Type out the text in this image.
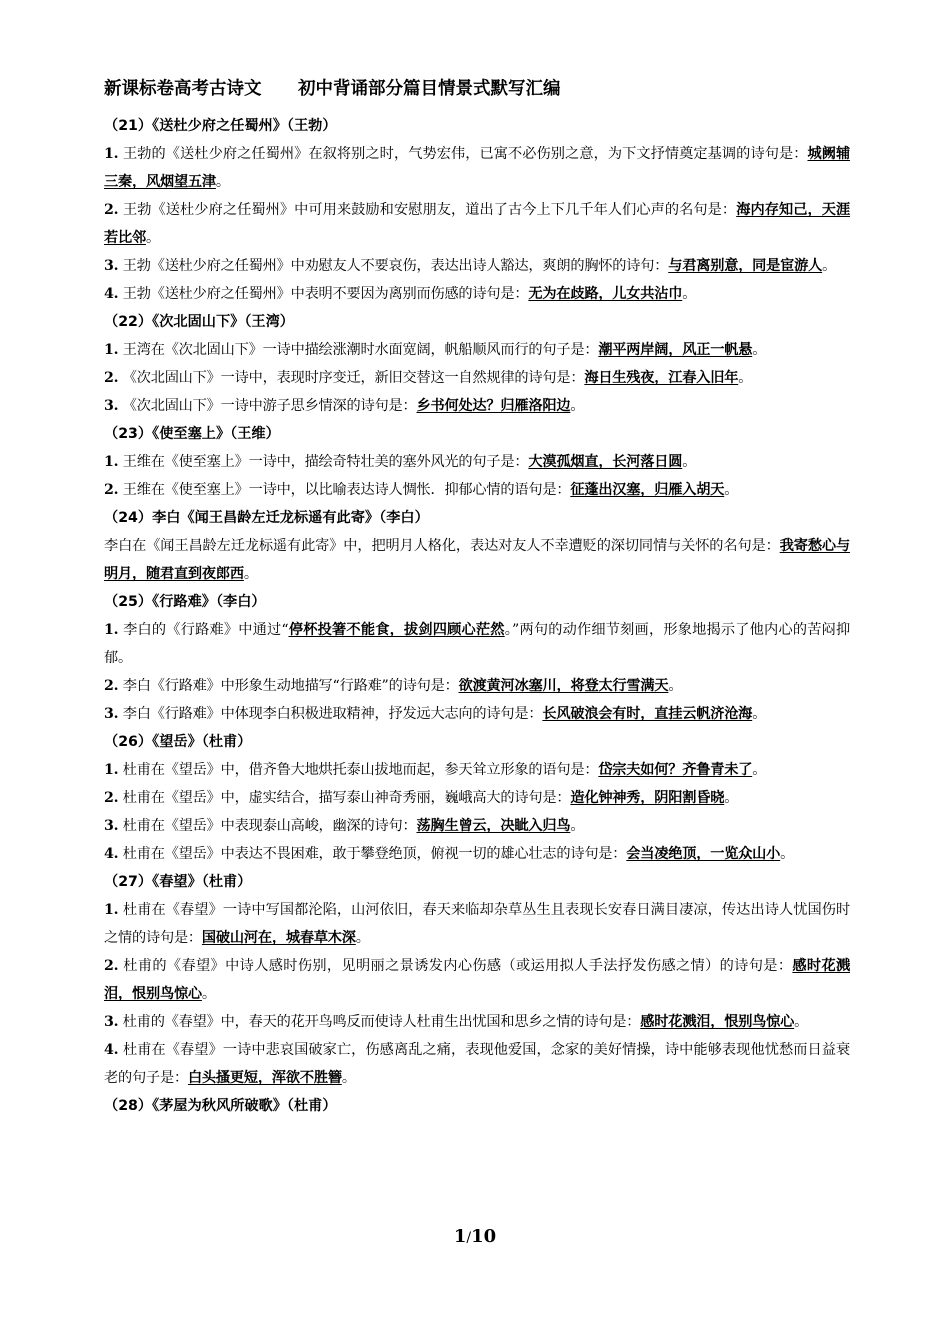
新课标卷高考古诗文      初中背诵部分篇目情景式默写汇编
（21）《送杜少府之任蜀州》（王勃）

1. 王勃的《送杜少府之任蜀州》在叙将别之时，气势宏伟，已寓不必伤别之意，为下文抒情奠定基调的诗句是：城阙辅三秦，风烟望五津。

2. 王勃《送杜少府之任蜀州》中可用来鼓励和安慰朋友，道出了古今上下几千年人们心声的名句是：海内存知己，天涯若比邻。

3. 王勃《送杜少府之任蜀州》中劝慰友人不要哀伤，表达出诗人豁达，爽朗的胸怀的诗句：与君离别意，同是宦游人。

4. 王勃《送杜少府之任蜀州》中表明不要因为离别而伤感的诗句是：无为在歧路，儿女共沾巾。

（22）《次北固山下》（王湾）

1. 王湾在《次北固山下》一诗中描绘涨潮时水面宽阔，帆船顺风而行的句子是：潮平两岸阔，风正一帆悬。

2. 《次北固山下》一诗中，表现时序变迁，新旧交替这一自然规律的诗句是：海日生残夜，江春入旧年。

3. 《次北固山下》一诗中游子思乡情深的诗句是：乡书何处达？归雁洛阳边。

（23）《使至塞上》（王维）

1. 王维在《使至塞上》一诗中，描绘奇特壮美的塞外风光的句子是：大漠孤烟直，长河落日圆。

2. 王维在《使至塞上》一诗中，以比喻表达诗人惆怅．抑郁心情的语句是：征蓬出汉塞，归雁入胡天。

（24）李白《闻王昌龄左迁龙标遥有此寄》（李白）

李白在《闻王昌龄左迁龙标遥有此寄》中，把明月人格化，表达对友人不幸遭贬的深切同情与关怀的名句是：我寄愁心与明月，随君直到夜郎西。

（25）《行路难》（李白）

1. 李白的《行路难》中通过“停杯投箸不能食，拔剑四顾心茫然。”两句的动作细节刻画，形象地揭示了他内心的苦闷抑郁。

2. 李白《行路难》中形象生动地描写“行路难”的诗句是：欲渡黄河冰塞川，将登太行雪满天。

3. 李白《行路难》中体现李白积极进取精神，抒发远大志向的诗句是：长风破浪会有时，直挂云帆济沧海。

（26）《望岳》（杜甫）

1. 杜甫在《望岳》中，借齐鲁大地烘托泰山拔地而起，参天耸立形象的语句是：岱宗夫如何？齐鲁青未了。

2. 杜甫在《望岳》中，虚实结合，描写泰山神奇秀丽，巍峨高大的诗句是：造化钟神秀，阴阳割昏晓。

3. 杜甫在《望岳》中表现泰山高峻，幽深的诗句：荡胸生曾云，决眦入归鸟。

4. 杜甫在《望岳》中表达不畏困难，敢于攀登绝顶，俯视一切的雄心壮志的诗句是：会当凌绝顶，一览众山小。

（27）《春望》（杜甫）

1. 杜甫在《春望》一诗中写国都沦陷，山河依旧，春天来临却杂草丛生且表现长安春日满目凄凉，传达出诗人忧国伤时之情的诗句是：国破山河在，城春草木深。

2. 杜甫的《春望》中诗人感时伤别，见明丽之景诱发内心伤感（或运用拟人手法抒发伤感之情）的诗句是：感时花溅泪，恨别鸟惊心。

3. 杜甫的《春望》中，春天的花开鸟鸣反而使诗人杜甫生出忧国和思乡之情的诗句是：感时花溅泪，恨别鸟惊心。

4. 杜甫在《春望》一诗中悲哀国破家亡，伤感离乱之痛，表现他爱国，念家的美好情操，诗中能够表现他忧愁而日益衰老的句子是：白头搔更短，浑欲不胜簪。

（28）《茅屋为秋风所破歌》（杜甫）
1/10
